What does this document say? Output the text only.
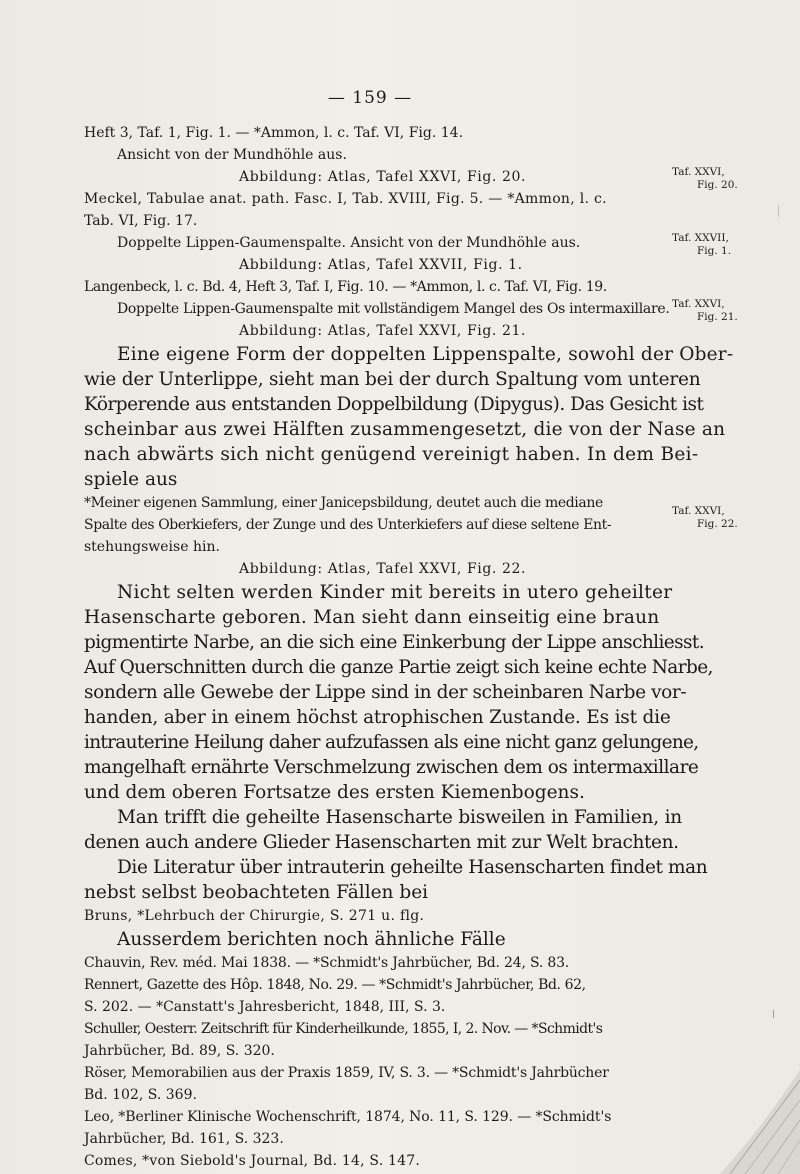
— 159 —
Heft 3, Taf. 1, Fig. 1. — *Ammon, l. c. Taf. VI, Fig. 14.
Ansicht von der Mundhöhle aus.
Abbildung: Atlas, Tafel XXVI, Fig. 20.
Meckel, Tabulae anat. path. Fasc. I, Tab. XVIII, Fig. 5. — *Ammon, l. c.
Tab. VI, Fig. 17.
Doppelte Lippen-Gaumenspalte. Ansicht von der Mundhöhle aus.
Abbildung: Atlas, Tafel XXVII, Fig. 1.
Langenbeck, l. c. Bd. 4, Heft 3, Taf. I, Fig. 10. — *Ammon, l. c. Taf. VI, Fig. 19.
Doppelte Lippen-Gaumenspalte mit vollständigem Mangel des Os intermaxillare.
Abbildung: Atlas, Tafel XXVI, Fig. 21.
Eine eigene Form der doppelten Lippenspalte, sowohl der Ober-
wie der Unterlippe, sieht man bei der durch Spaltung vom unteren
Körperende aus entstanden Doppelbildung (Dipygus). Das Gesicht ist
scheinbar aus zwei Hälften zusammengesetzt, die von der Nase an
nach abwärts sich nicht genügend vereinigt haben. In dem Bei-
spiele aus
*Meiner eigenen Sammlung, einer Janicepsbildung, deutet auch die mediane
Spalte des Oberkiefers, der Zunge und des Unterkiefers auf diese seltene Ent-
stehungsweise hin.
Abbildung: Atlas, Tafel XXVI, Fig. 22.
Nicht selten werden Kinder mit bereits in utero geheilter
Hasenscharte geboren. Man sieht dann einseitig eine braun
pigmentirte Narbe, an die sich eine Einkerbung der Lippe anschliesst.
Auf Querschnitten durch die ganze Partie zeigt sich keine echte Narbe,
sondern alle Gewebe der Lippe sind in der scheinbaren Narbe vor-
handen, aber in einem höchst atrophischen Zustande. Es ist die
intrauterine Heilung daher aufzufassen als eine nicht ganz gelungene,
mangelhaft ernährte Verschmelzung zwischen dem os intermaxillare
und dem oberen Fortsatze des ersten Kiemenbogens.
Man trifft die geheilte Hasenscharte bisweilen in Familien, in
denen auch andere Glieder Hasenscharten mit zur Welt brachten.
Die Literatur über intrauterin geheilte Hasenscharten findet man
nebst selbst beobachteten Fällen bei
Bruns, *Lehrbuch der Chirurgie, S. 271 u. flg.
Ausserdem berichten noch ähnliche Fälle
Chauvin, Rev. méd. Mai 1838. — *Schmidt's Jahrbücher, Bd. 24, S. 83.
Rennert, Gazette des Hôp. 1848, No. 29. — *Schmidt's Jahrbücher, Bd. 62,
S. 202. — *Canstatt's Jahresbericht, 1848, III, S. 3.
Schuller, Oesterr. Zeitschrift für Kinderheilkunde, 1855, I, 2. Nov. — *Schmidt's
Jahrbücher, Bd. 89, S. 320.
Röser, Memorabilien aus der Praxis 1859, IV, S. 3. — *Schmidt's Jahrbücher
Bd. 102, S. 369.
Leo, *Berliner Klinische Wochenschrift, 1874, No. 11, S. 129. — *Schmidt's
Jahrbücher, Bd. 161, S. 323.
Comes, *von Siebold's Journal, Bd. 14, S. 147.
Taf. XXVI,
Fig. 20.
Taf. XXVII,
Fig. 1.
Taf. XXVI,
Fig. 21.
Taf. XXVI,
Fig. 22.
